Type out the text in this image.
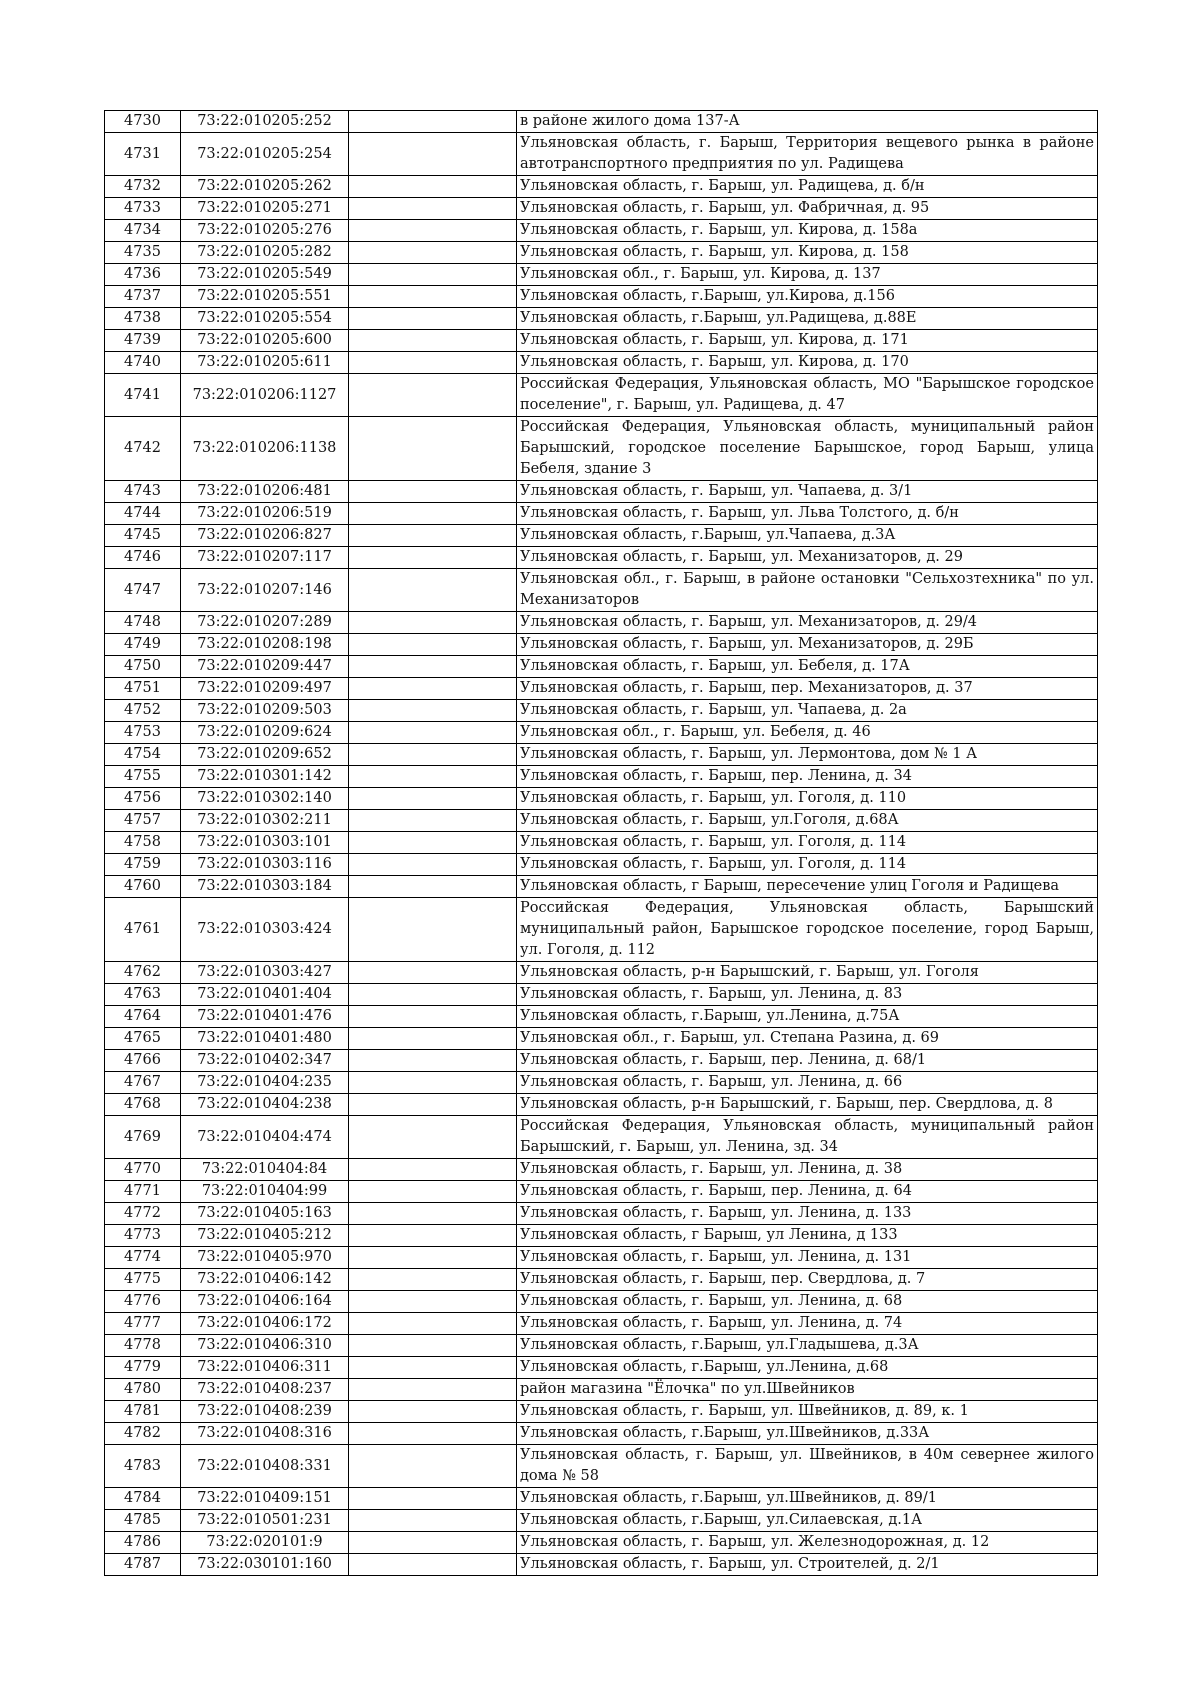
4730	73:22:010205:252		в районе жилого дома 137-А
4731	73:22:010205:254		Ульяновская область, г. Барыш, Территория вещевого рынка в районе автотранспортного предприятия по ул. Радищева
4732	73:22:010205:262		Ульяновская область, г. Барыш, ул. Радищева, д. б/н
4733	73:22:010205:271		Ульяновская область, г. Барыш, ул. Фабричная, д. 95
4734	73:22:010205:276		Ульяновская область, г. Барыш, ул. Кирова, д. 158а
4735	73:22:010205:282		Ульяновская область, г. Барыш, ул. Кирова, д. 158
4736	73:22:010205:549		Ульяновская обл., г. Барыш, ул. Кирова, д. 137
4737	73:22:010205:551		Ульяновская область, г.Барыш, ул.Кирова, д.156
4738	73:22:010205:554		Ульяновская область, г.Барыш, ул.Радищева, д.88Е
4739	73:22:010205:600		Ульяновская область, г. Барыш, ул. Кирова, д. 171
4740	73:22:010205:611		Ульяновская область, г. Барыш, ул. Кирова, д. 170
4741	73:22:010206:1127		Российская Федерация, Ульяновская область, МО "Барышское городское поселение", г. Барыш, ул. Радищева, д. 47
4742	73:22:010206:1138		Российская Федерация, Ульяновская область, муниципальный район Барышский, городское поселение Барышское, город Барыш, улица Бебеля, здание 3
4743	73:22:010206:481		Ульяновская область, г. Барыш, ул. Чапаева, д. 3/1
4744	73:22:010206:519		Ульяновская область, г. Барыш, ул. Льва Толстого, д. б/н
4745	73:22:010206:827		Ульяновская область, г.Барыш, ул.Чапаева, д.3А
4746	73:22:010207:117		Ульяновская область, г. Барыш, ул. Механизаторов, д. 29
4747	73:22:010207:146		Ульяновская обл., г. Барыш, в районе остановки "Сельхозтехника" по ул. Механизаторов
4748	73:22:010207:289		Ульяновская область, г. Барыш, ул. Механизаторов, д. 29/4
4749	73:22:010208:198		Ульяновская область, г. Барыш, ул. Механизаторов, д. 29Б
4750	73:22:010209:447		Ульяновская область, г. Барыш, ул. Бебеля, д. 17А
4751	73:22:010209:497		Ульяновская область, г. Барыш, пер. Механизаторов, д. 37
4752	73:22:010209:503		Ульяновская область, г. Барыш, ул. Чапаева, д. 2а
4753	73:22:010209:624		Ульяновская обл., г. Барыш, ул. Бебеля, д. 46
4754	73:22:010209:652		Ульяновская область, г. Барыш, ул. Лермонтова, дом № 1 А
4755	73:22:010301:142		Ульяновская область, г. Барыш, пер. Ленина, д. 34
4756	73:22:010302:140		Ульяновская область, г. Барыш, ул. Гоголя, д. 110
4757	73:22:010302:211		Ульяновская область, г. Барыш, ул.Гоголя, д.68А
4758	73:22:010303:101		Ульяновская область, г. Барыш, ул. Гоголя, д. 114
4759	73:22:010303:116		Ульяновская область, г. Барыш, ул. Гоголя, д. 114
4760	73:22:010303:184		Ульяновская область, г Барыш, пересечение улиц Гоголя и Радищева
4761	73:22:010303:424		Российская Федерация, Ульяновская область, Барышский муниципальный район, Барышское городское поселение, город Барыш, ул. Гоголя, д. 112
4762	73:22:010303:427		Ульяновская область, р-н Барышский, г. Барыш, ул. Гоголя
4763	73:22:010401:404		Ульяновская область, г. Барыш, ул. Ленина, д. 83
4764	73:22:010401:476		Ульяновская область, г.Барыш, ул.Ленина, д.75А
4765	73:22:010401:480		Ульяновская обл., г. Барыш, ул. Степана Разина, д. 69
4766	73:22:010402:347		Ульяновская область, г. Барыш, пер. Ленина, д. 68/1
4767	73:22:010404:235		Ульяновская область, г. Барыш, ул. Ленина, д. 66
4768	73:22:010404:238		Ульяновская область, р-н Барышский, г. Барыш, пер. Свердлова, д. 8
4769	73:22:010404:474		Российская Федерация, Ульяновская область, муниципальный район Барышский, г. Барыш, ул. Ленина, зд. 34
4770	73:22:010404:84		Ульяновская область, г. Барыш, ул. Ленина, д. 38
4771	73:22:010404:99		Ульяновская область, г. Барыш, пер. Ленина, д. 64
4772	73:22:010405:163		Ульяновская область, г. Барыш, ул. Ленина, д. 133
4773	73:22:010405:212		Ульяновская область, г Барыш, ул Ленина, д 133
4774	73:22:010405:970		Ульяновская область, г. Барыш, ул. Ленина, д. 131
4775	73:22:010406:142		Ульяновская область, г. Барыш, пер. Свердлова, д. 7
4776	73:22:010406:164		Ульяновская область, г. Барыш, ул. Ленина, д. 68
4777	73:22:010406:172		Ульяновская область, г. Барыш, ул. Ленина, д. 74
4778	73:22:010406:310		Ульяновская область, г.Барыш, ул.Гладышева, д.3А
4779	73:22:010406:311		Ульяновская область, г.Барыш, ул.Ленина, д.68
4780	73:22:010408:237		район магазина "Ёлочка" по ул.Швейников
4781	73:22:010408:239		Ульяновская область, г. Барыш, ул. Швейников, д. 89, к. 1
4782	73:22:010408:316		Ульяновская область, г.Барыш, ул.Швейников, д.33А
4783	73:22:010408:331		Ульяновская область, г. Барыш, ул. Швейников, в 40м севернее жилого дома № 58
4784	73:22:010409:151		Ульяновская область, г.Барыш, ул.Швейников, д. 89/1
4785	73:22:010501:231		Ульяновская область, г.Барыш, ул.Силаевская, д.1А
4786	73:22:020101:9		Ульяновская область, г. Барыш, ул. Железнодорожная, д. 12
4787	73:22:030101:160		Ульяновская область, г. Барыш, ул. Строителей, д. 2/1
